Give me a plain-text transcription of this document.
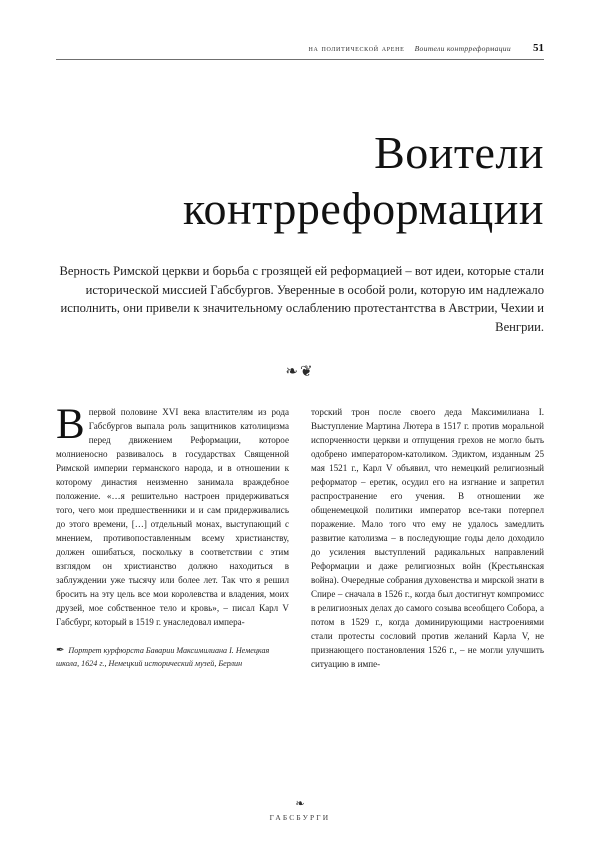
на политической арене Воители контрреформации 51
Воители
контрреформации
Верность Римской церкви и борьба с грозящей ей реформацией – вот идеи, которые стали исторической миссией Габсбургов. Уверенные в особой роли, которую им надлежало исполнить, они привели к значительному ослаблению протестантства в Австрии, Чехии и Венгрии.
❧❦

В первой половине XVI века властителям из рода Габсбургов выпала роль защитников католицизма перед движением Реформации, которое молниеносно развивалось в государствах Священной Римской империи германского народа, и в отношении к которому династия неизменно занимала враждебное положение. «…я решительно настроен придерживаться того, чего мои предшественники и и сам придерживались до этого времени, […] отдельный монах, выступающий с мнением, противопоставленным всему христианству, должен ошибаться, поскольку в соответствии с этим взглядом он христианство должно находиться в заблуждении уже тысячу или более лет. Так что я решил бросить на эту цель все мои королевства и владения, моих друзей, мое собственное тело и кровь», – писал Карл V Габсбург, который в 1519 г. унаследовал импера-

✒ Портрет курфюрста Баварии Максимилиана I. Немецкая школа, 1624 г., Немецкий исторический музей, Берлин

торский трон после своего деда Максимилиана I. Выступление Мартина Лютера в 1517 г. против моральной испорченности церкви и отпущения грехов не могло быть одобрено императором-католиком. Эдиктом, изданным 25 мая 1521 г., Карл V объявил, что немецкий религиозный реформатор – еретик, осудил его на изгнание и запретил распространение его учения. В отношении же общенемецкой политики император все-таки потерпел поражение. Мало того что ему не удалось замедлить развитие католизма – в последующие годы дело доходило до усиления выступлений радикальных направлений Реформации и даже религиозных войн (Крестьянская война). Очередные собрания духовенства и мирской знати в Спире – сначала в 1526 г., когда был достигнут компромисс в религиозных делах до самого созыва всеобщего Собора, а потом в 1529 г., когда доминирующими настроениями стали протесты сословий против желаний Карла V, не признающего постановления 1526 г., – не могли улучшить ситуацию в импе-

❧
ГАБСБУРГИ
